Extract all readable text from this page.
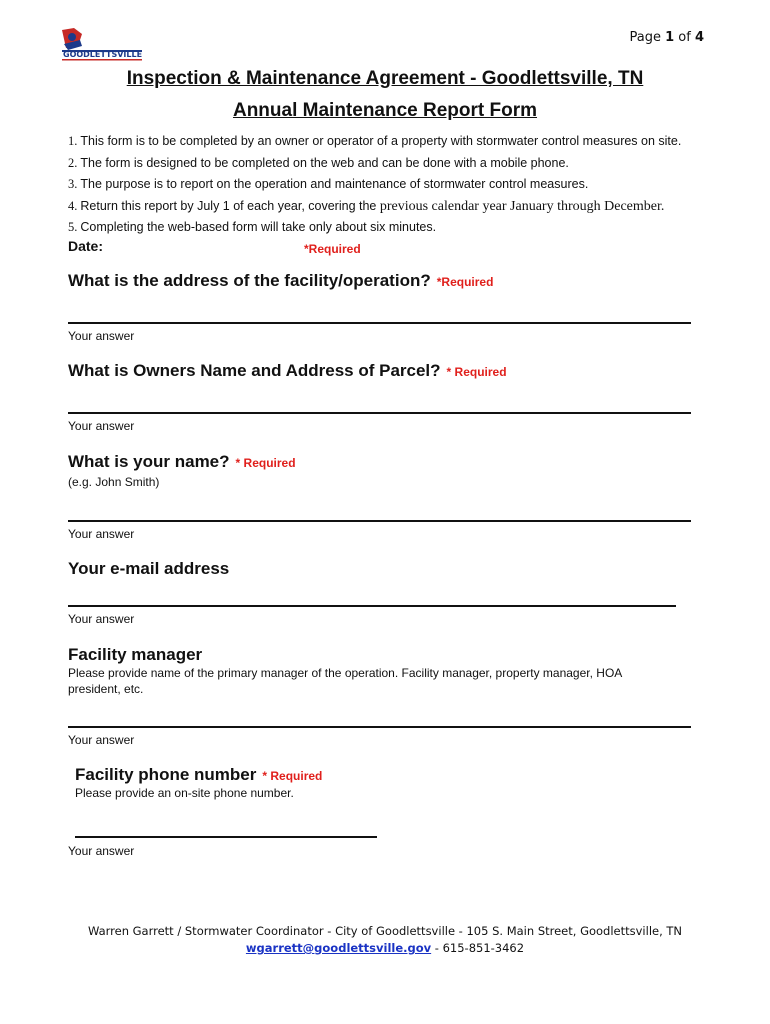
Page 1 of 4
GOODLETTSVILLE
Inspection & Maintenance Agreement - Goodlettsville, TN
Annual Maintenance Report Form
1. This form is to be completed by an owner or operator of a property with stormwater control measures on site.
2. The form is designed to be completed on the web and can be done with a mobile phone.
3. The purpose is to report on the operation and maintenance of stormwater control measures.
4. Return this report by July 1 of each year, covering the previous calendar year January through December.
5. Completing the web-based form will take only about six minutes.
Date:	*Required
What is the address of the facility/operation? *Required
Your answer
What is Owners Name and Address of Parcel? * Required
Your answer
What is your name? * Required
(e.g. John Smith)
Your answer
Your e-mail address
Your answer
Facility manager
Please provide name of the primary manager of the operation. Facility manager, property manager, HOA president, etc.
Your answer
Facility phone number * Required
Please provide an on-site phone number.
Your answer
Warren Garrett / Stormwater Coordinator - City of Goodlettsville - 105 S. Main Street, Goodlettsville, TN
wgarrett@goodlettsville.gov - 615-851-3462
